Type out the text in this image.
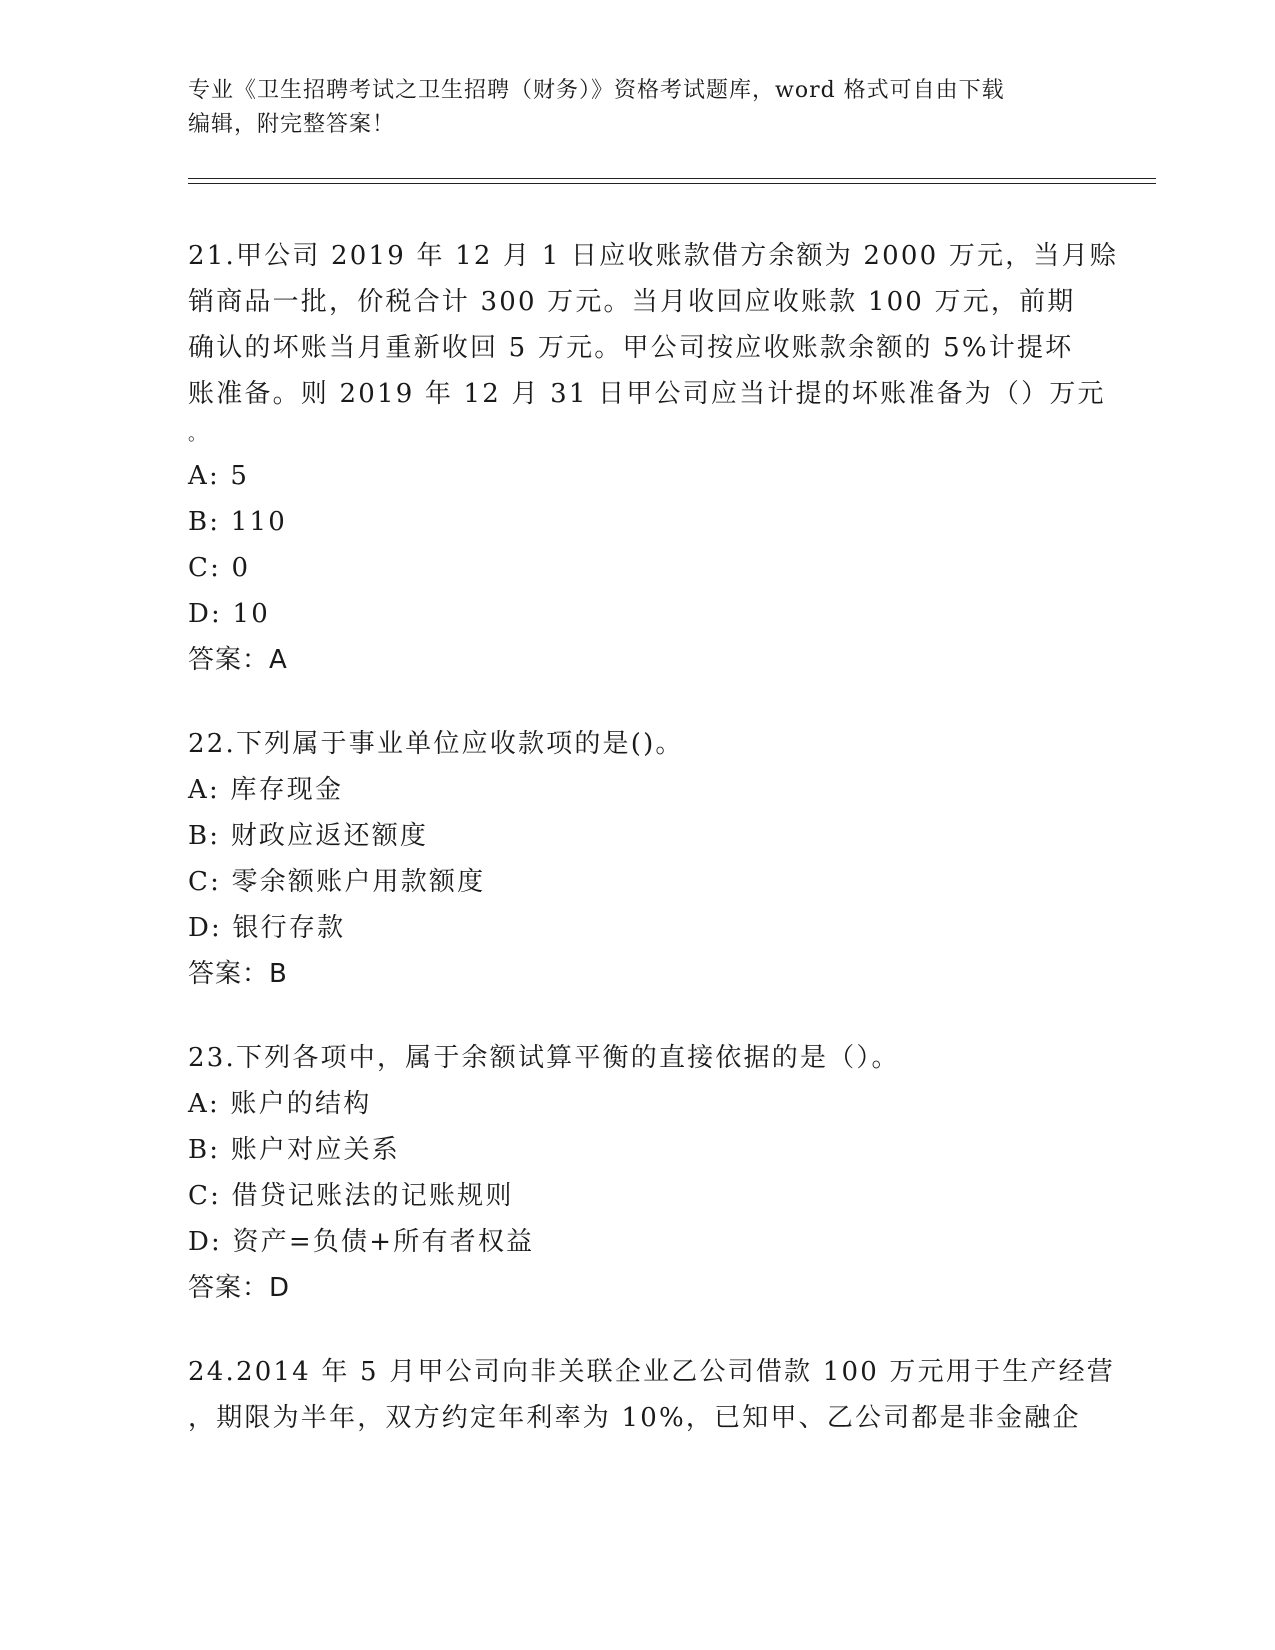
专业《卫生招聘考试之卫生招聘（财务）》资格考试题库，word 格式可自由下载
编辑，附完整答案！
21.甲公司 2019 年 12 月 1 日应收账款借方余额为 2000 万元，当月赊
销商品一批，价税合计 300 万元。当月收回应收账款 100 万元，前期
确认的坏账当月重新收回 5 万元。甲公司按应收账款余额的 5%计提坏
账准备。则 2019 年 12 月 31 日甲公司应当计提的坏账准备为（）万元
。
A: 5
B: 110
C: 0
D: 10
答案：A
22.下列属于事业单位应收款项的是()。
A: 库存现金
B: 财政应返还额度
C: 零余额账户用款额度
D: 银行存款
答案：B
23.下列各项中，属于余额试算平衡的直接依据的是（）。
A: 账户的结构
B: 账户对应关系
C: 借贷记账法的记账规则
D: 资产=负债+所有者权益
答案：D
24.2014 年 5 月甲公司向非关联企业乙公司借款 100 万元用于生产经营
，期限为半年，双方约定年利率为 10%，已知甲、乙公司都是非金融企
